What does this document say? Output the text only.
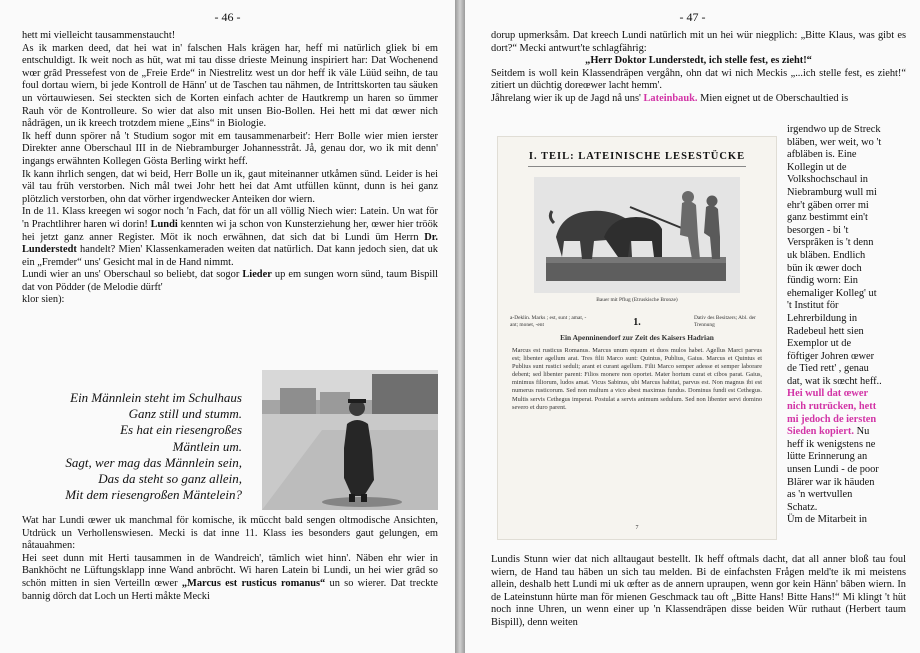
- 46 -

hett mi vielleicht tausammenstaucht!

As ik marken deed, dat hei wat in' falschen Hals krägen har, heff mi natürlich gliek bi em entschuldigt. Ik weit noch as hüt, wat mi tau disse drieste Meinung inspiriert har: Dat Wochenend wœr grâd Pressefest von de „Freie Erde“ in Niestrelitz west un dor heff ik väle Lüüd seihn, de tau foul dortau wiern, bi jede Kontroll de Hänn' ut de Taschen tau nähmen, de Intrittskorten tau säuken un vörtauwiesen. Sei steckten sich de Korten einfach achter de Hautkremp un haren so ümmer Rauh vör de Kontrolleure. So wier dat also mit unsen Bio-Bollen. Hei hett mi dat œwer nich nådrägen, un ik kreech trotzdem miene „Eins“ in Biologie.

Ik heff dunn spörer nå 't Studium sogor mit em tausammenarbeit': Herr Bolle wier mien ierster Direkter anne Oberschaul III in de Niebramburger Johannesstråt. Jå, genau dor, wo ik mit denn' ingangs erwähnten Kollegen Gösta Berling wirkt heff.

Ik kann ihrlich sengen, dat wi beid, Herr Bolle un ik, gaut miteinanner utkåmen sünd. Leider is hei väl tau früh verstorben. Nich mål twei Johr hett hei dat Amt utfüllen künnt, dunn is hei ganz plötzlich verstorben, ohn dat vörher irgendwecker Anteiken dor wiern.

In de 11. Klass kreegen wi sogor noch 'n Fach, dat för un all völlig Niech wier: Latein. Un wat för 'n Prachtlihrer haren wi dorin! Lundi kennten wi ja schon von Kunsterziehung her, œwer hier tröök hei jetzt ganz anner Register. Möt ik noch erwähnen, dat sich dat bi Lundi üm Herrn Dr. Lunderstedt handelt? Mien' Klassenkameraden weiten dat natürlich. Dat kann jedoch sien, dat uk ein „Fremder“ uns' Gesicht mal in de Hand nimmt.

Lundi wier an uns' Oberschaul so beliebt, dat sogor Lieder up em sungen worn sünd, taum Bispill dat von Pödder (de Melodie dürft'

klor sien):

Ein Männlein steht im Schulhaus
Ganz still und stumm.
Es hat ein riesengroßes
Mäntlein um.
Sagt, wer mag das Männlein sein,
Das da steht so ganz allein,
Mit dem riesengroßen Mäntelein?

Wat har Lundi œwer uk manchmal för komische, ik müccht bald sengen oltmodische Ansichten, Utdrück un Verhollenswiesen. Mecki is dat inne 11. Klass ies besonders gaut gelungen, em nåtauahmen:

Hei seet dunn mit Herti tausammen in de Wandreich', tämlich wiet hinn'. Näben ehr wier in Bankhöcht ne Lüftungsklapp inne Wand anbröcht. Wi haren Latein bi Lundi, un hei wier grâd so schön mitten in sien Verteilln œwer „Marcus est rusticus romanus“ un so wierer. Dat treckte bannig dörch dat Loch un Herti måkte Mecki

- 47 -

dorup upmerksåm. Dat kreech Lundi natürlich mit un hei wür niegplich: „Bitte Klaus, was gibt es dort?“ Mecki antwurt'te schlagfährig:

„Herr Doktor Lunderstedt, ich stelle fest, es zieht!“

Seitdem is woll kein Klassendräpen vergåhn, ohn dat wi nich Meckis „...ich stelle fest, es zieht!“ zitiert un düchtig doreœwer lacht hemm'.

Jåhrelang wier ik up de Jagd nå uns' Lateinbauk. Mien eignet ut de Oberschaultied is

I. TEIL: LATEINISCHE LESESTÜCKE
Bauer mit Pflug (Etruskische Bronze)
a-Deklin. Marks ; est, sunt ; amat, -ant; monet, -ent	1.	Dativ des Besitzers; Abl. der Trennung
Ein Apenninendorf zur Zeit des Kaisers Hadrian
Marcus est rusticus Romanus. Marcus unum equum et duos mulos habet. Agellus Marci parvus est; libenter agellum arat. Tres filii Marco sunt: Quintus, Publius, Gaius. Marcus et Quintus et Publius sunt rustici seduli; arant et curant agellum. Filii Marco semper adesse et semper laborare debent; sed libenter parent: Filios monere non oportet. Mater hortum curat et cibos parat. Gaius, minimus filiorum, ludos amat. Vicus Sabinus, ubi Marcus habitat, parvus est. Non magnus ibi est numerus rusticorum. Sed non multum a vico abest maximus fundus. Dominus fundi est Cethegus. Multis servis Cethegus imperat. Postulat a servis animum sedulum. Sed non libenter servi domino severo et duro parent.
7

irgendwo up de Streck
bläben, wer weit, wo 't
afbläben is. Eine
Kollegin ut de
Volkshochschaul in
Niebramburg wull mi
ehr't gäben orrer mi
ganz bestimmt ein't
besorgen - bi 't
Versprâken is 't denn
uk bläben. Endlich
bün ik œwer doch
fündig worn: Ein
ehemaliger Kolleg' ut
't Institut för
Lehrerbildung in
Radebeul hett sien
Exemplor ut de
föftiger Johren œwer
de Tied rett' , genau
dat, wat ik sœcht heff..
Hei wull dat œwer
nich rutrücken, hett
mi jedoch de iersten
Sieden kopiert. Nu
heff ik wenigstens ne
lütte Erinnerung an
unsen Lundi - de poor
Blärer war ik häuden
as 'n wertvullen
Schatz.
Üm de Mitarbeit in

Lundis Stunn wier dat nich alltaugaut bestellt. Ik heff oftmals dacht, dat all anner bloß tau foul wiern, de Hand tau häben un sich tau melden. Bi de einfachsten Frågen meld'te ik mi meistens allein, deshalb hett Lundi mi uk œfter as de annern upraupen, wenn gor kein Hänn' bâben wiern. In de Lateinstunn hürte man för mienen Geschmack tau oft „Bitte Hans! Bitte Hans!“ Mi klingt 't hüt noch inne Uhren, un wenn einer up 'n Klassendräpen disse beiden Wür ruthaut (Herbert taum Bispill), denn weiten
